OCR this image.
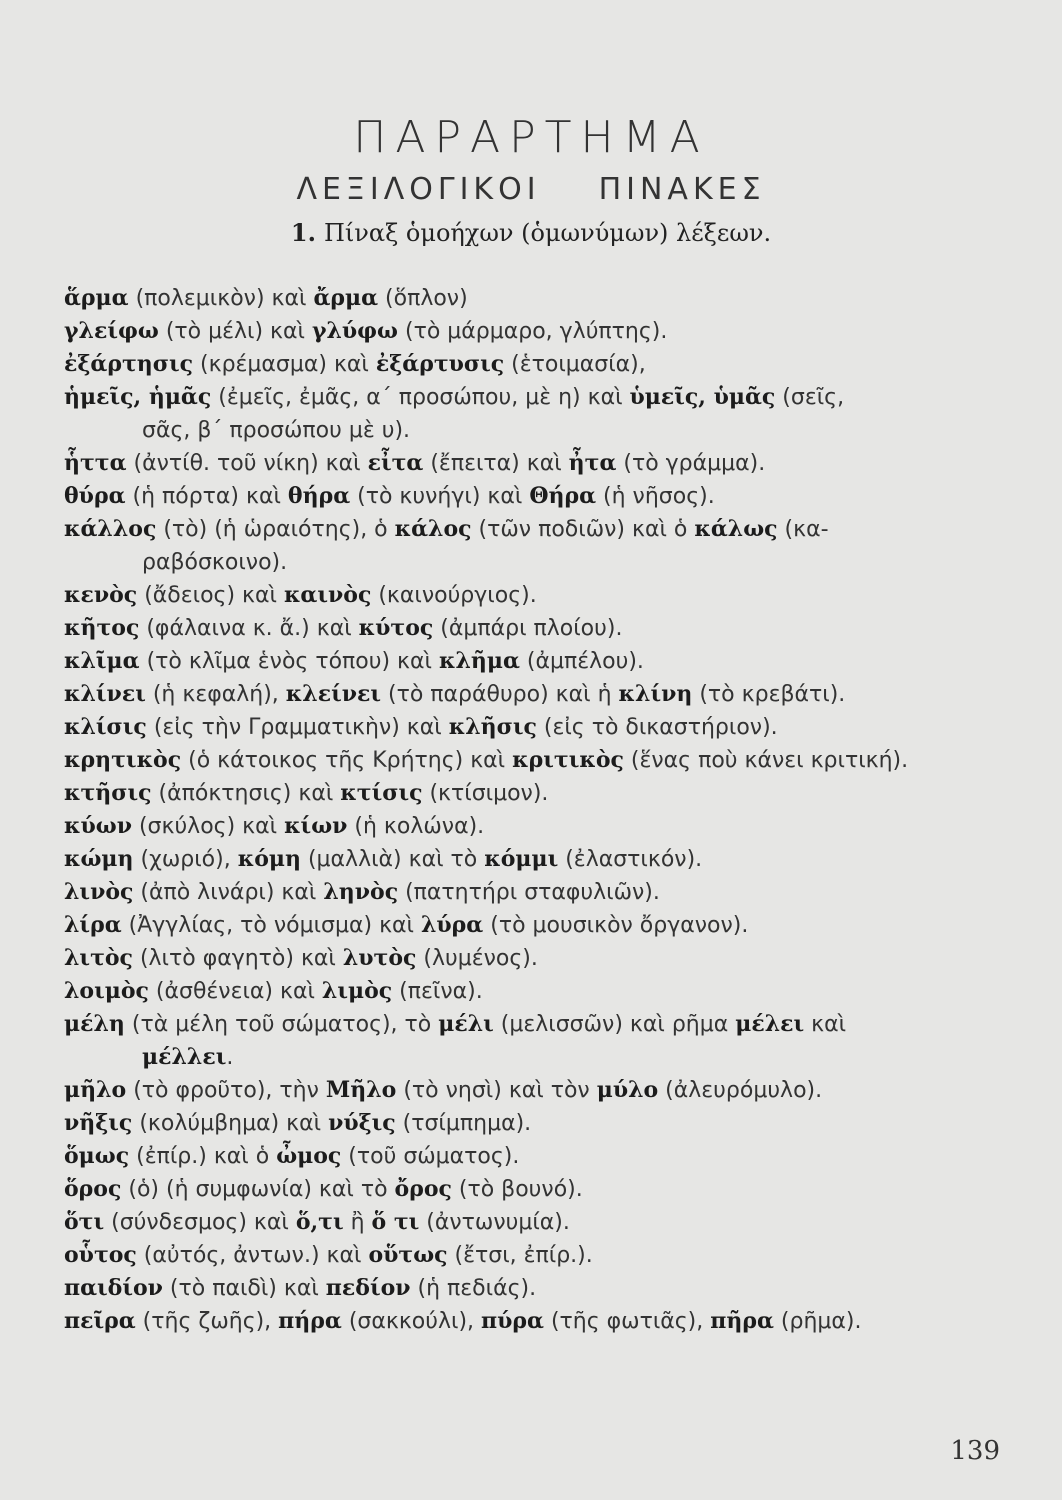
ΠΑΡΑΡΤΗΜΑ
ΛΕΞΙΛΟΓΙΚΟΙ ΠΙΝΑΚΕΣ
1. Πίναξ ὁμοήχων (ὁμωνύμων) λέξεων.
ἅρμα (πολεμικὸν) καὶ ἄρμα (ὅπλον)
γλείφω (τὸ μέλι) καὶ γλύφω (τὸ μάρμαρο, γλύπτης).
ἐξάρτησις (κρέμασμα) καὶ ἐξάρτυσις (ἑτοιμασία),
ἡμεῖς, ἡμᾶς (ἐμεῖς, ἐμᾶς, α΄ προσώπου, μὲ η) καὶ ὑμεῖς, ὑμᾶς (σεῖς,
σᾶς, β΄ προσώπου μὲ υ).
ἧττα (ἀντίθ. τοῦ νίκη) καὶ εἶτα (ἔπειτα) καὶ ἦτα (τὸ γράμμα).
θύρα (ἡ πόρτα) καὶ θήρα (τὸ κυνήγι) καὶ Θήρα (ἡ νῆσος).
κάλλος (τὸ) (ἡ ὡραιότης), ὁ κάλος (τῶν ποδιῶν) καὶ ὁ κάλως (κα-
ραβόσκοινο).
κενὸς (ἄδειος) καὶ καινὸς (καινούργιος).
κῆτος (φάλαινα κ. ἄ.) καὶ κύτος (ἀμπάρι πλοίου).
κλῖμα (τὸ κλῖμα ἑνὸς τόπου) καὶ κλῆμα (ἀμπέλου).
κλίνει (ἡ κεφαλή), κλείνει (τὸ παράθυρο) καὶ ἡ κλίνη (τὸ κρεβάτι).
κλίσις (εἰς τὴν Γραμματικὴν) καὶ κλῆσις (εἰς τὸ δικαστήριον).
κρητικὸς (ὁ κάτοικος τῆς Κρήτης) καὶ κριτικὸς (ἕνας ποὺ κάνει κριτική).
κτῆσις (ἀπόκτησις) καὶ κτίσις (κτίσιμον).
κύων (σκύλος) καὶ κίων (ἡ κολώνα).
κώμη (χωριό), κόμη (μαλλιὰ) καὶ τὸ κόμμι (ἐλαστικόν).
λινὸς (ἀπὸ λινάρι) καὶ ληνὸς (πατητήρι σταφυλιῶν).
λίρα (Ἀγγλίας, τὸ νόμισμα) καὶ λύρα (τὸ μουσικὸν ὄργανον).
λιτὸς (λιτὸ φαγητὸ) καὶ λυτὸς (λυμένος).
λοιμὸς (ἀσθένεια) καὶ λιμὸς (πεῖνα).
μέλη (τὰ μέλη τοῦ σώματος), τὸ μέλι (μελισσῶν) καὶ ρῆμα μέλει καὶ
μέλλει.
μῆλο (τὸ φροῦτο), τὴν Μῆλο (τὸ νησὶ) καὶ τὸν μύλο (ἀλευρόμυλο).
νῆξις (κολύμβημα) καὶ νύξις (τσίμπημα).
ὅμως (ἐπίρ.) καὶ ὁ ὦμος (τοῦ σώματος).
ὅρος (ὁ) (ἡ συμφωνία) καὶ τὸ ὄρος (τὸ βουνό).
ὅτι (σύνδεσμος) καὶ ὅ,τι ἢ ὅ τι (ἀντωνυμία).
οὗτος (αὐτός, ἀντων.) καὶ οὕτως (ἔτσι, ἐπίρ.).
παιδίον (τὸ παιδὶ) καὶ πεδίον (ἡ πεδιάς).
πεῖρα (τῆς ζωῆς), πήρα (σακκούλι), πύρα (τῆς φωτιᾶς), πῆρα (ρῆμα).
139
